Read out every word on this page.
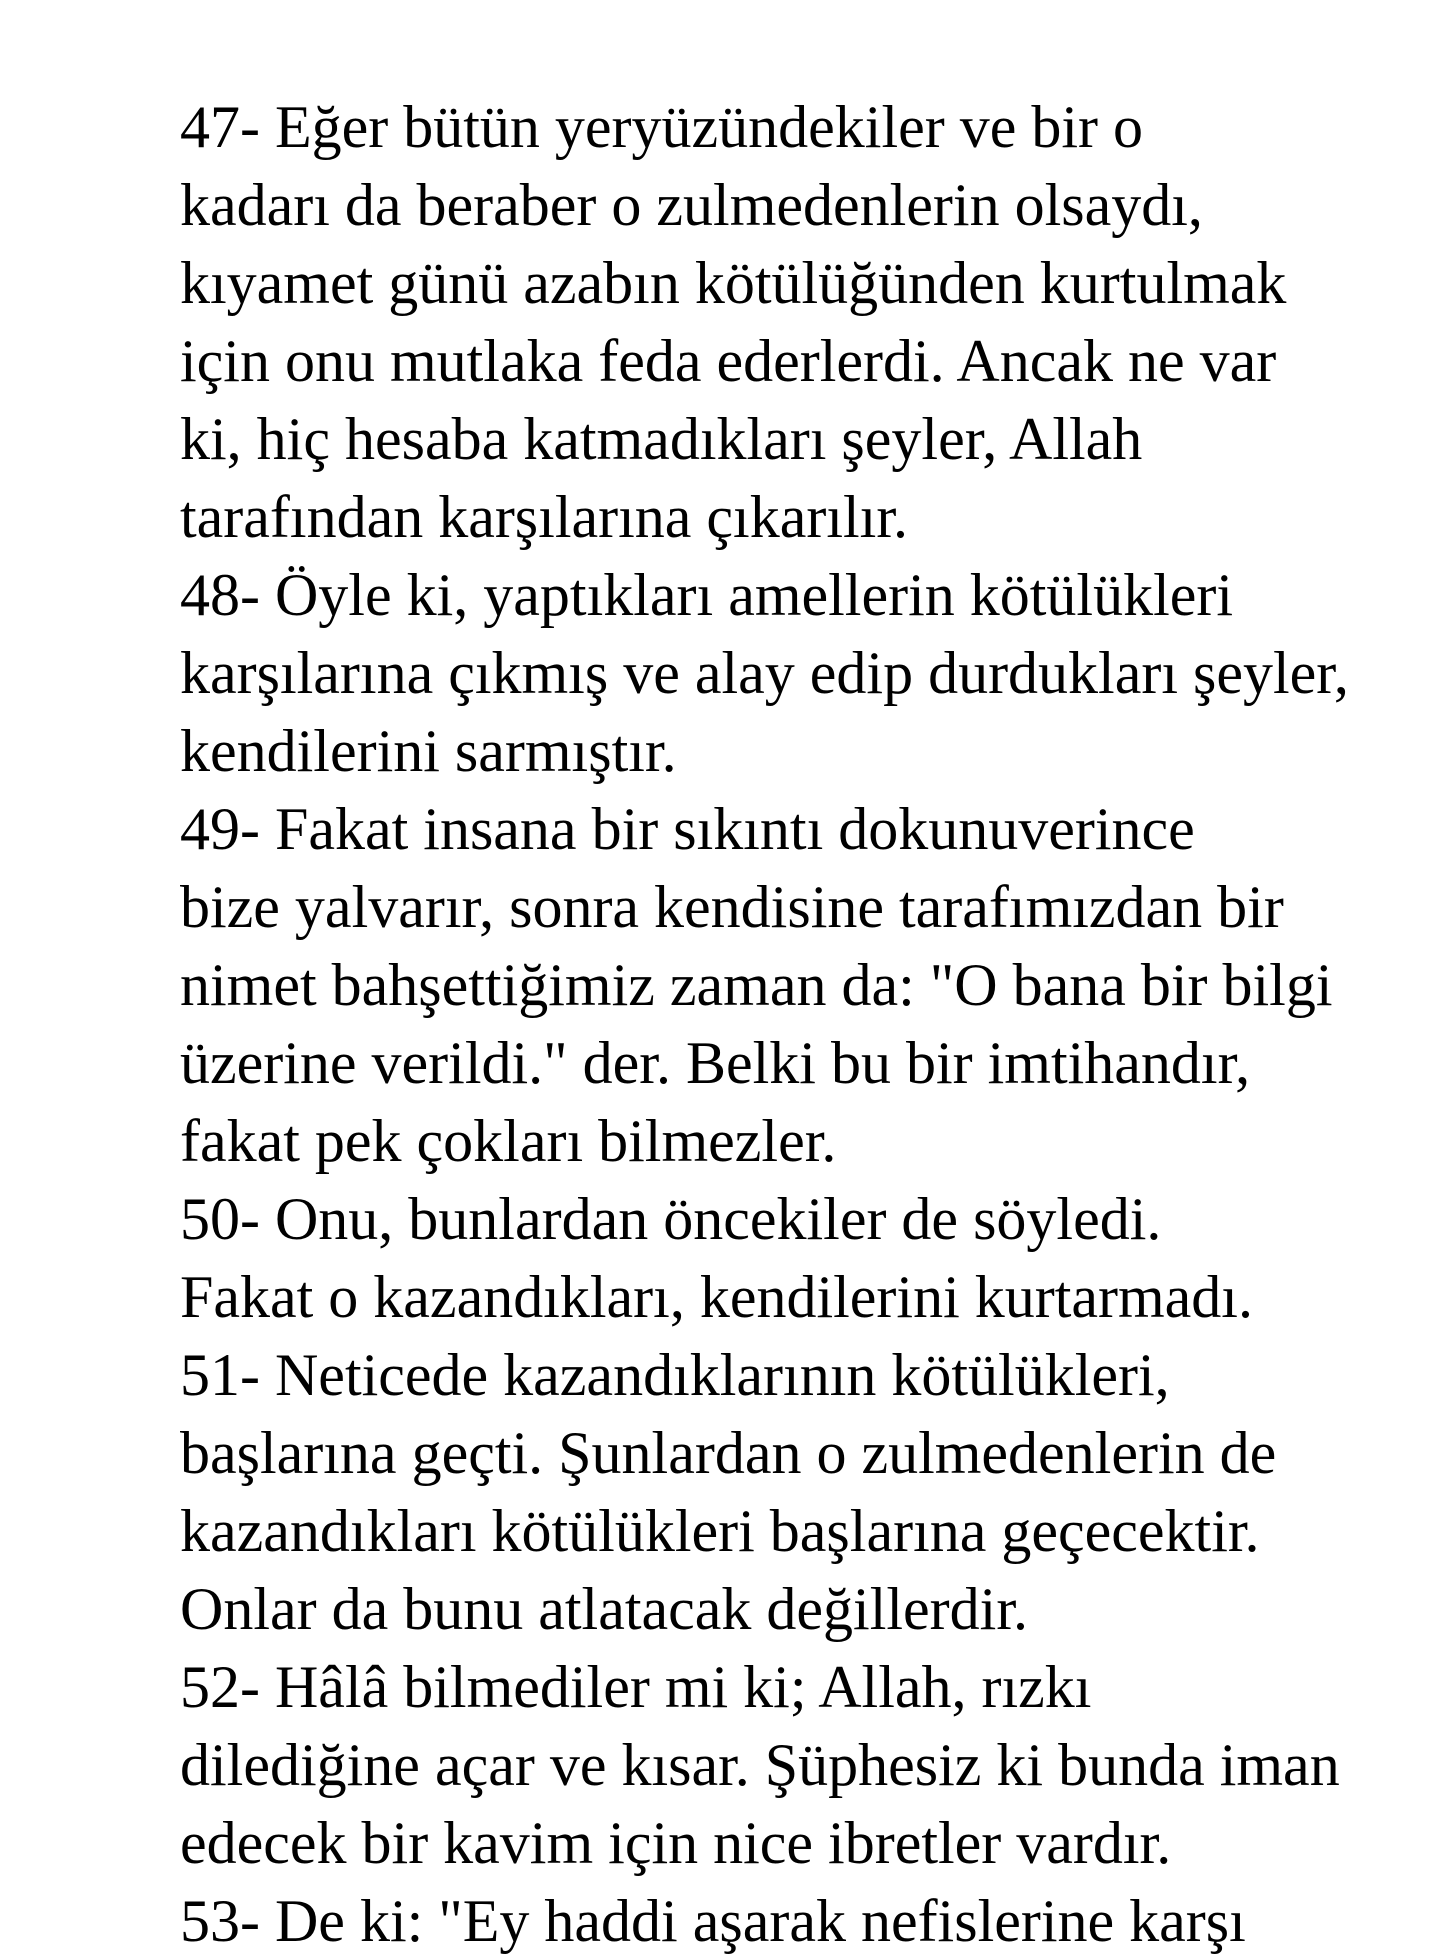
47- Eğer bütün yeryüzündekiler ve bir o
kadarı da beraber o zulmedenlerin olsaydı,
kıyamet günü azabın kötülüğünden kurtulmak
için onu mutlaka feda ederlerdi. Ancak ne var
ki, hiç hesaba katmadıkları şeyler, Allah
tarafından karşılarına çıkarılır.

48- Öyle ki, yaptıkları amellerin kötülükleri
karşılarına çıkmış ve alay edip durdukları şeyler,
kendilerini sarmıştır.

49- Fakat insana bir sıkıntı dokunuverince
bize yalvarır, sonra kendisine tarafımızdan bir
nimet bahşettiğimiz zaman da: "O bana bir bilgi
üzerine verildi." der. Belki bu bir imtihandır,
fakat pek çokları bilmezler.

50- Onu, bunlardan öncekiler de söyledi.
Fakat o kazandıkları, kendilerini kurtarmadı.

51- Neticede kazandıklarının kötülükleri,
başlarına geçti. Şunlardan o zulmedenlerin de
kazandıkları kötülükleri başlarına geçecektir.
Onlar da bunu atlatacak değillerdir.

52- Hâlâ bilmediler mi ki; Allah, rızkı
dilediğine açar ve kısar. Şüphesiz ki bunda iman
edecek bir kavim için nice ibretler vardır.

53- De ki: "Ey haddi aşarak nefislerine karşı
